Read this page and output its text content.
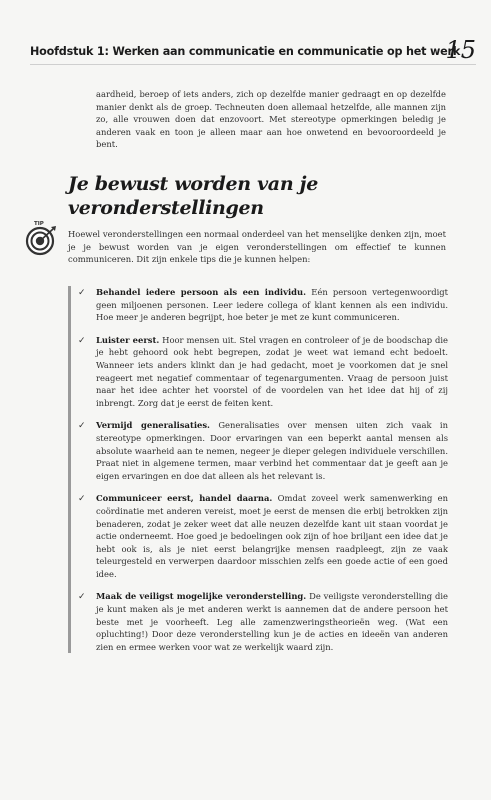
Hoofdstuk 1: Werken aan communicatie en communicatie op het werk
15

aardheid, beroep of iets anders, zich op dezelfde manier gedraagt en op dezelfde manier denkt als de groep. Techneuten doen allemaal hetzelfde, alle mannen zijn zo, alle vrouwen doen dat enzovoort. Met stereotype opmerkingen beledig je anderen vaak en toon je alleen maar aan hoe onwetend en bevooroordeeld je bent.

Je bewust worden van je veronderstellingen
TIP

Hoewel veronderstellingen een normaal onderdeel van het menselijke denken zijn, moet je je bewust worden van je eigen veronderstellingen om effectief te kunnen communiceren. Dit zijn enkele tips die je kunnen helpen:

✓ Behandel iedere persoon als een individu. Eén persoon vertegenwoordigt geen miljoenen personen. Leer iedere collega of klant kennen als een individu. Hoe meer je anderen begrijpt, hoe beter je met ze kunt communiceren.

✓ Luister eerst. Hoor mensen uit. Stel vragen en controleer of je de boodschap die je hebt gehoord ook hebt begrepen, zodat je weet wat iemand echt bedoelt. Wanneer iets anders klinkt dan je had gedacht, moet je voorkomen dat je snel reageert met negatief commentaar of tegenargumenten. Vraag de persoon juist naar het idee achter het voorstel of de voordelen van het idee dat hij of zij inbrengt. Zorg dat je eerst de feiten kent.

✓ Vermijd generalisaties. Generalisaties over mensen uiten zich vaak in stereotype opmerkingen. Door ervaringen van een beperkt aantal mensen als absolute waarheid aan te nemen, negeer je dieper gelegen individuele verschillen. Praat niet in algemene termen, maar verbind het commentaar dat je geeft aan je eigen ervaringen en doe dat alleen als het relevant is.

✓ Communiceer eerst, handel daarna. Omdat zoveel werk samenwerking en coördinatie met anderen vereist, moet je eerst de mensen die erbij betrokken zijn benaderen, zodat je zeker weet dat alle neuzen dezelfde kant uit staan voordat je actie onderneemt. Hoe goed je bedoelingen ook zijn of hoe briljant een idee dat je hebt ook is, als je niet eerst belangrijke mensen raadpleegt, zijn ze vaak teleurgesteld en verwerpen daardoor misschien zelfs een goede actie of een goed idee.

✓ Maak de veiligst mogelijke veronderstelling. De veiligste veronderstelling die je kunt maken als je met anderen werkt is aannemen dat de andere persoon het beste met je voorheeft. Leg alle zamenzweringstheorieën weg. (Wat een opluchting!) Door deze veronderstelling kun je de acties en ideeën van anderen zien en ermee werken voor wat ze werkelijk waard zijn.
